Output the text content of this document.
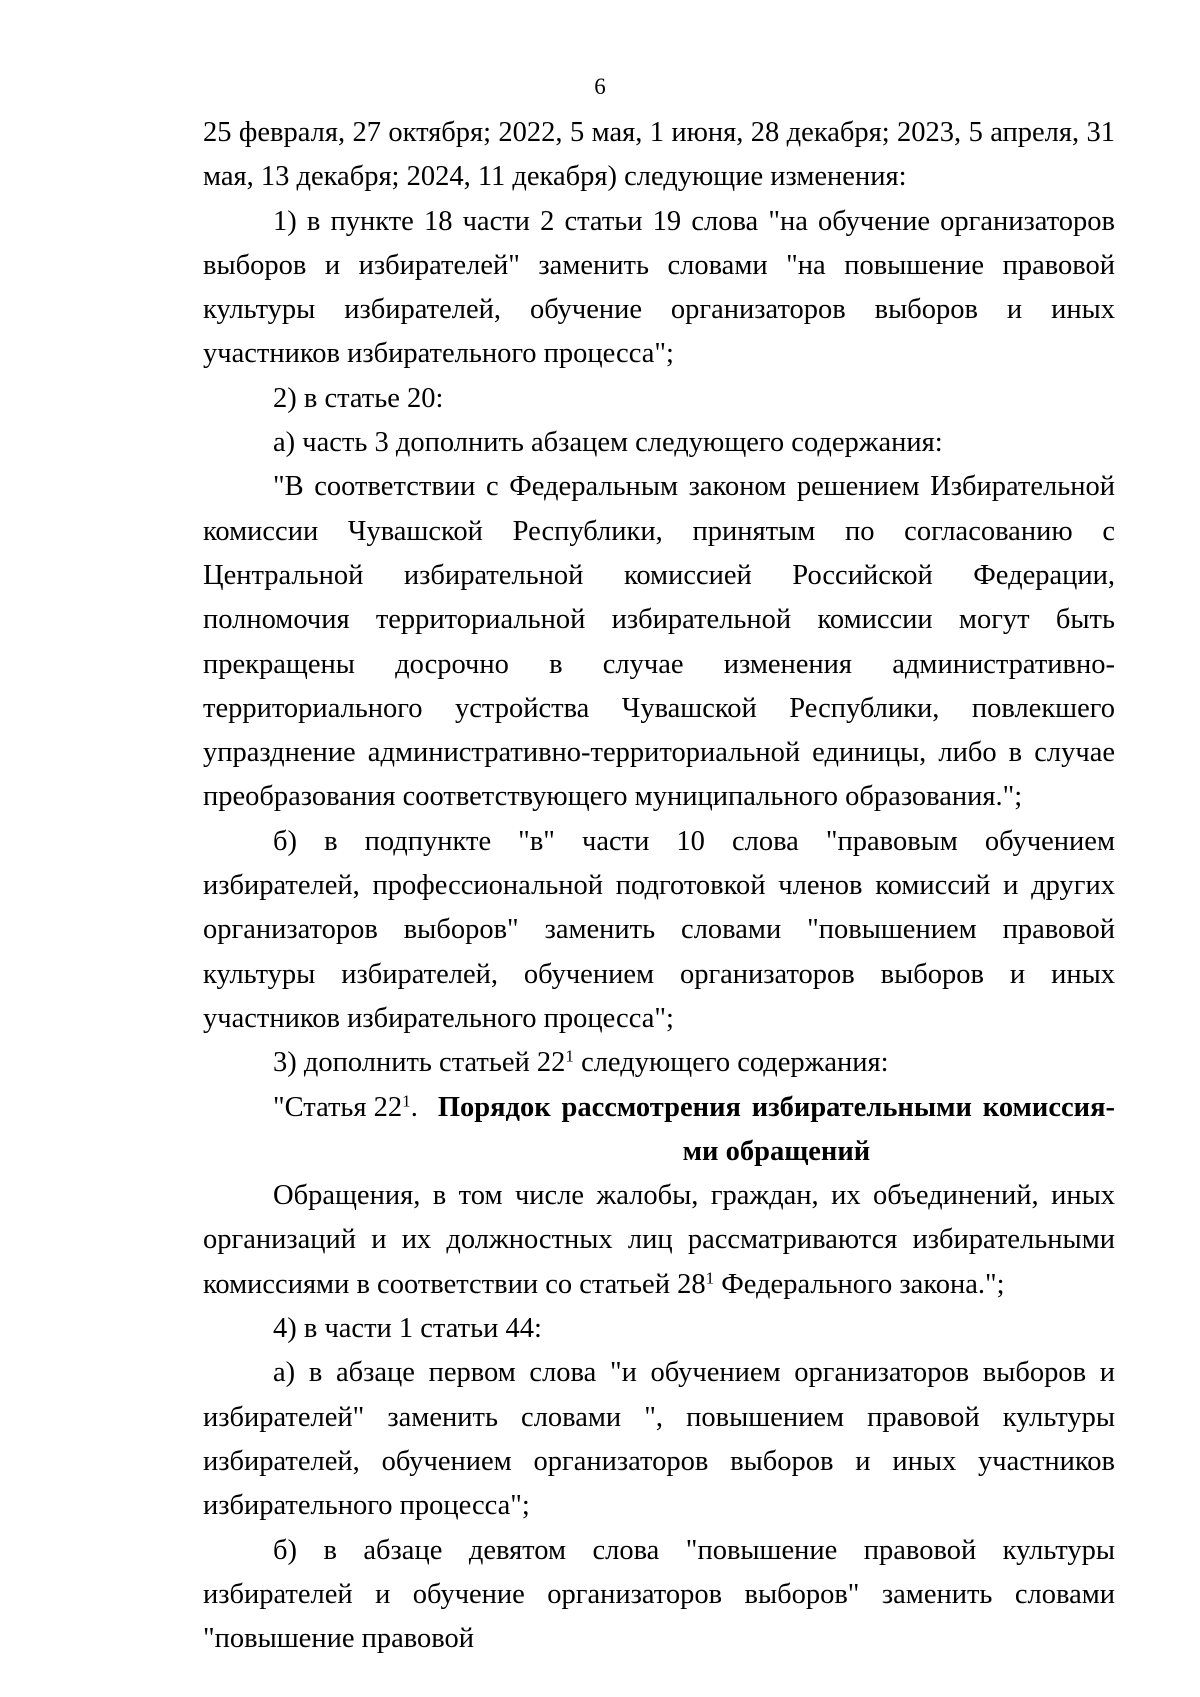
6

25 февраля, 27 октября; 2022, 5 мая, 1 июня, 28 декабря; 2023, 5 апреля, 31 мая, 13 декабря; 2024, 11 декабря) следующие изменения:

1) в пункте 18 части 2 статьи 19 слова "на обучение организаторов выборов и избирателей" заменить словами "на повышение правовой культуры избирателей, обучение организаторов выборов и иных участников избирательного процесса";

2) в статье 20:

а) часть 3 дополнить абзацем следующего содержания:

"В соответствии с Федеральным законом решением Избирательной комиссии Чувашской Республики, принятым по согласованию с Центральной избирательной комиссией Российской Федерации, полномочия территориальной избирательной комиссии могут быть прекращены досрочно в случае изменения административно-территориального устройства Чувашской Республики, повлекшего упразднение административно-территориальной единицы, либо в случае преобразования соответствующего муниципального образования.";

б) в подпункте "в" части 10 слова "правовым обучением избирателей, профессиональной подготовкой членов комиссий и других организаторов выборов" заменить словами "повышением правовой культуры избирателей, обучением организаторов выборов и иных участников избирательного процесса";

3) дополнить статьей $22^1$ следующего содержания:

"Статья $22^1$. Порядок рассмотрения избирательными комиссиями обращений

Обращения, в том числе жалобы, граждан, их объединений, иных организаций и их должностных лиц рассматриваются избирательными комиссиями в соответствии со статьей $28^1$ Федерального закона.";

4) в части 1 статьи 44:

а) в абзаце первом слова "и обучением организаторов выборов и избирателей" заменить словами ", повышением правовой культуры избирателей, обучением организаторов выборов и иных участников избирательного процесса";

б) в абзаце девятом слова "повышение правовой культуры избирателей и обучение организаторов выборов" заменить словами "повышение правовой
